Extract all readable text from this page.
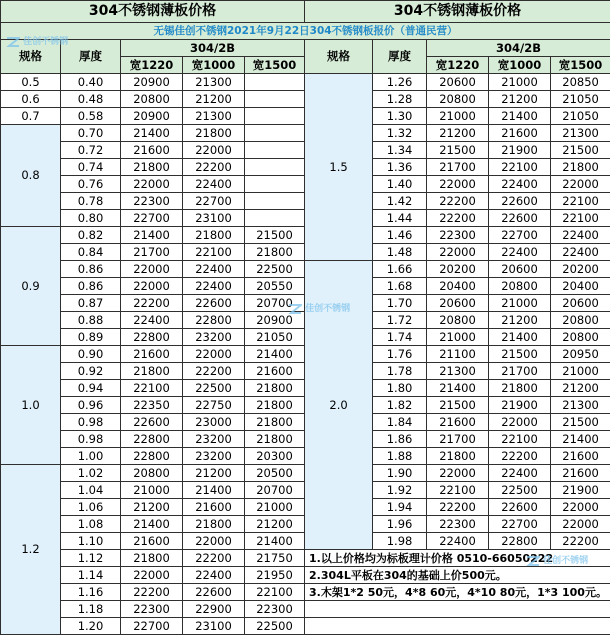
304不锈钢薄板价格					304不锈钢薄板价格				
无锡佳创不锈钢2021年9月22日304不锈钢板报价（普通民营）									
规格	厚度	304/2B			规格	厚度	304/2B		
		宽1220	宽1000	宽1500			宽1220	宽1000	宽1500
0.5	0.40	20900	21300		1.5	1.26	20600	21000	20850
0.6	0.48	20800	21200			1.28	20800	21200	21050
0.7	0.58	20900	21300			1.30	21000	21400	21050
0.8	0.70	21400	21800			1.32	21200	21600	21300
	0.72	21600	22000			1.34	21500	21900	21500
	0.74	21800	22200			1.36	21700	22100	21800
	0.76	22000	22400			1.40	22000	22400	22000
	0.78	22300	22700			1.42	22200	22600	22100
	0.80	22700	23100			1.44	22200	22600	22100
0.9	0.82	21400	21800	21500		1.46	22300	22700	22400
	0.84	21700	22100	21800		1.48	22000	22400	22400
	0.86	22000	22400	22500	2.0	1.66	20200	20600	20200
	0.86	22000	22400	20550		1.68	20400	20800	20400
	0.87	22200	22600	20700		1.70	20600	21000	20600
	0.88	22400	22800	20900		1.72	20800	21200	20800
	0.89	22800	23200	21050		1.74	21000	21400	20800
1.0	0.90	21600	22000	21400		1.76	21100	21500	20950
	0.92	21800	22200	21600		1.78	21300	21700	21000
	0.94	22100	22500	21800		1.80	21400	21800	21200
	0.96	22350	22750	21800		1.82	21500	21900	21300
	0.98	22600	23000	21800		1.84	21600	22000	21500
	0.98	22800	23200	21800		1.86	21700	22100	21400
	1.00	22800	23200	20300		1.88	21800	22200	21600
1.2	1.02	20800	21200	20500		1.90	22000	22400	21600
	1.04	21000	21400	20700		1.92	22100	22500	21900
	1.06	21200	21600	21000		1.94	22200	22600	22000
	1.08	21400	21800	21200		1.96	22300	22700	22000
	1.10	21600	22000	21400		1.98	22400	22800	22200
	1.12	21800	22200	21750	1.以上价格均为标板理计价格 0510-66050222				
	1.14	22000	22400	21950	2.304L平板在304的基础上价500元。				
	1.16	22200	22600	22100	3.木架1*2 50元，4*8 60元，4*10 80元，1*3 100元。				
	1.18	22300	22900	22300					
	1.20	22700	23100	22500					
佳创不锈钢
佳创不锈钢
佳创不锈钢
